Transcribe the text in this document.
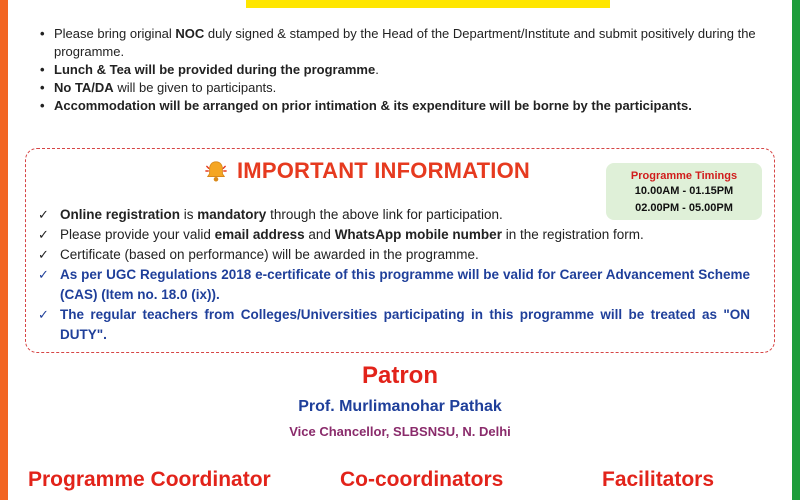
• Please bring original NOC duly signed & stamped by the Head of the Department/Institute and submit positively during the programme.
• Lunch & Tea will be provided during the programme.
• No TA/DA will be given to participants.
• Accommodation will be arranged on prior intimation & its expenditure will be borne by the participants.
IMPORTANT INFORMATION	Programme Timings
10.00AM - 01.15PM
02.00PM - 05.00PM
✓ Online registration is mandatory through the above link for participation.
✓ Please provide your valid email address and WhatsApp mobile number in the registration form.
✓ Certificate (based on performance) will be awarded in the programme.
✓ As per UGC Regulations 2018 e-certificate of this programme will be valid for Career Advancement Scheme (CAS) (Item no. 18.0 (ix)).
✓ The regular teachers from Colleges/Universities participating in this programme will be treated as "ON DUTY".
Patron
Prof. Murlimanohar Pathak
Vice Chancellor, SLBSNSU, N. Delhi
Programme Coordinator	Co-coordinators	Facilitators
